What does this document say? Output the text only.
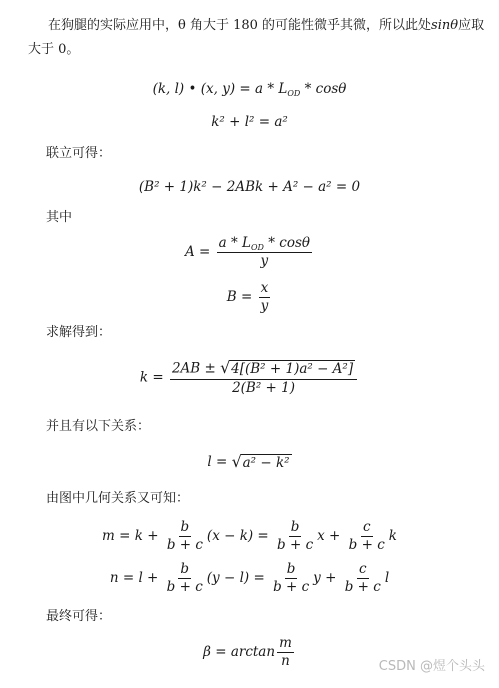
在狗腿的实际应用中，θ 角大于 180 的可能性微乎其微，所以此处sinθ应取大于 0。
(k, l) • (x, $y) = a * L_{OD} * \cos\theta$
k² + l² = a²
联立可得：
(B² + 1)k² − 2ABk + A² − a² = 0
其中
$A = \frac{a * L_{OD} * \cos\theta}{y}$
$B = \frac{x}{y}$
求解得到：
$k = \frac{\text{2AB ± √ 4[(B² + 1)a² − A²]}}{\text{2(B² + 1)}}$
并且有以下关系：
l = √ a² − k²
由图中几何关系又可知：
$m = k + \frac{b}{b + c} (x - k) = \frac{b}{b + c}$ $x + \frac{c}{b + c}$ k
$n = l + \frac{b}{b + c} (y - l) = \frac{b}{b + c}$ $y + \frac{c}{b + c}$ l
最终可得：
$\beta = \arctan \frac{m}{n}$	CSDN @煜个头头
